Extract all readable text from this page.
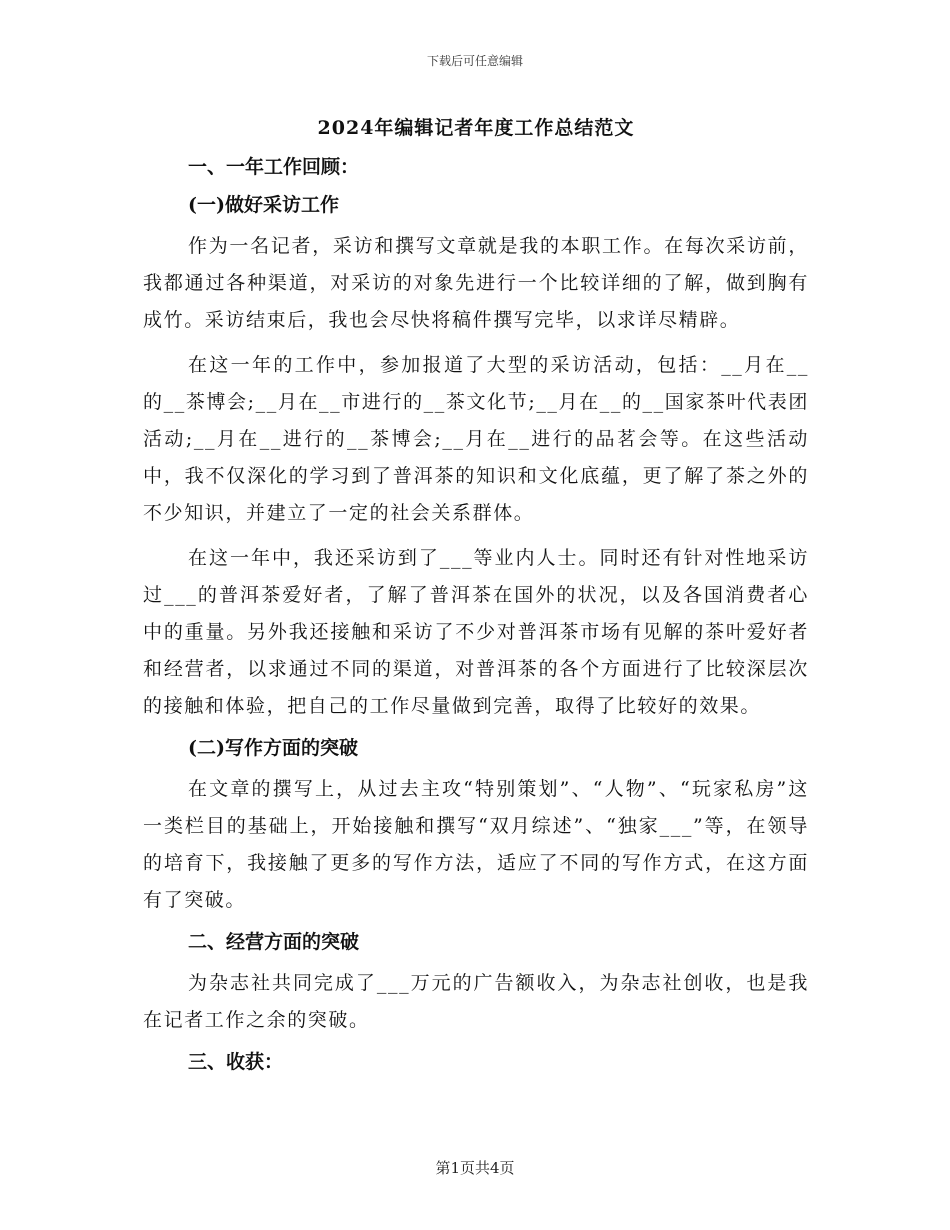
下载后可任意编辑
2024年编辑记者年度工作总结范文
一、一年工作回顾：
(一)做好采访工作

作为一名记者，采访和撰写文章就是我的本职工作。在每次采访前，我都通过各种渠道，对采访的对象先进行一个比较详细的了解，做到胸有成竹。采访结束后，我也会尽快将稿件撰写完毕，以求详尽精辟。

在这一年的工作中，参加报道了大型的采访活动，包括：__月在__的__茶博会;__月在__市进行的__茶文化节;__月在__的__国家茶叶代表团活动;__月在__进行的__茶博会;__月在__进行的品茗会等。在这些活动中，我不仅深化的学习到了普洱茶的知识和文化底蕴，更了解了茶之外的不少知识，并建立了一定的社会关系群体。

在这一年中，我还采访到了___等业内人士。同时还有针对性地采访过___的普洱茶爱好者，了解了普洱茶在国外的状况，以及各国消费者心中的重量。另外我还接触和采访了不少对普洱茶市场有见解的茶叶爱好者和经营者，以求通过不同的渠道，对普洱茶的各个方面进行了比较深层次的接触和体验，把自己的工作尽量做到完善，取得了比较好的效果。

(二)写作方面的突破

在文章的撰写上，从过去主攻“特别策划”、“人物”、“玩家私房”这一类栏目的基础上，开始接触和撰写“双月综述”、“独家___”等，在领导的培育下，我接触了更多的写作方法，适应了不同的写作方式，在这方面有了突破。

二、经营方面的突破

为杂志社共同完成了___万元的广告额收入，为杂志社创收，也是我在记者工作之余的突破。

三、收获：
第1页共4页
